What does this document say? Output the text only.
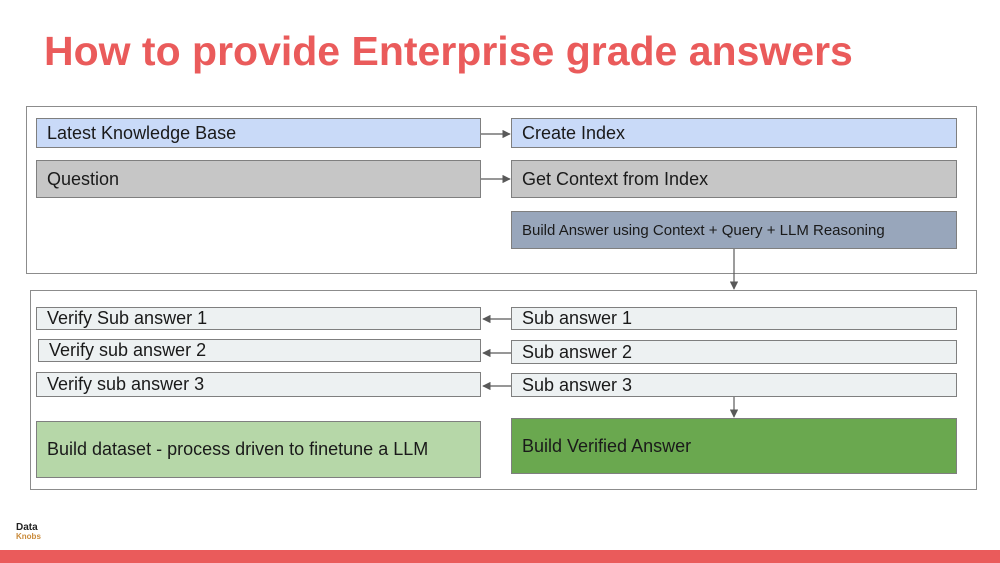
How to provide Enterprise grade answers
Latest Knowledge Base	Create Index
Question	Get Context from Index
Build Answer using Context + Query + LLM Reasoning
Verify Sub answer 1
Verify sub answer 2
Verify sub answer 3
Sub answer 1
Sub answer 2
Sub answer 3
Build dataset - process driven to finetune a LLM	Build Verified Answer
Data
Knobs
